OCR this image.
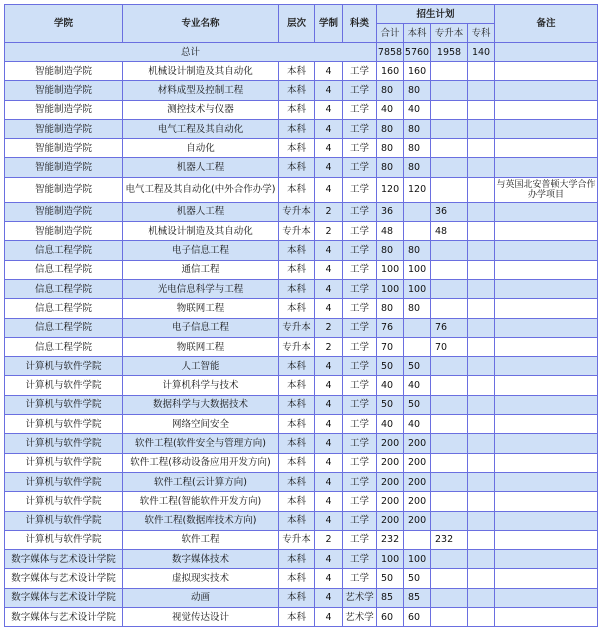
学院	专业名称	层次	学制	科类	招生计划				备注
					合计	本科	专升本	专科	
总计					7858	5760	1958	140	
智能制造学院	机械设计制造及其自动化	本科	4	工学	160	160			
智能制造学院	材料成型及控制工程	本科	4	工学	80	80			
智能制造学院	测控技术与仪器	本科	4	工学	40	40			
智能制造学院	电气工程及其自动化	本科	4	工学	80	80			
智能制造学院	自动化	本科	4	工学	80	80			
智能制造学院	机器人工程	本科	4	工学	80	80			
智能制造学院	电气工程及其自动化(中外合作办学)	本科	4	工学	120	120			与英国北安普顿大学合作办学项目
智能制造学院	机器人工程	专升本	2	工学	36		36		
智能制造学院	机械设计制造及其自动化	专升本	2	工学	48		48		
信息工程学院	电子信息工程	本科	4	工学	80	80			
信息工程学院	通信工程	本科	4	工学	100	100			
信息工程学院	光电信息科学与工程	本科	4	工学	100	100			
信息工程学院	物联网工程	本科	4	工学	80	80			
信息工程学院	电子信息工程	专升本	2	工学	76		76		
信息工程学院	物联网工程	专升本	2	工学	70		70		
计算机与软件学院	人工智能	本科	4	工学	50	50			
计算机与软件学院	计算机科学与技术	本科	4	工学	40	40			
计算机与软件学院	数据科学与大数据技术	本科	4	工学	50	50			
计算机与软件学院	网络空间安全	本科	4	工学	40	40			
计算机与软件学院	软件工程(软件安全与管理方向)	本科	4	工学	200	200			
计算机与软件学院	软件工程(移动设备应用开发方向)	本科	4	工学	200	200			
计算机与软件学院	软件工程(云计算方向)	本科	4	工学	200	200			
计算机与软件学院	软件工程(智能软件开发方向)	本科	4	工学	200	200			
计算机与软件学院	软件工程(数据库技术方向)	本科	4	工学	200	200			
计算机与软件学院	软件工程	专升本	2	工学	232		232		
数字媒体与艺术设计学院	数字媒体技术	本科	4	工学	100	100			
数字媒体与艺术设计学院	虚拟现实技术	本科	4	工学	50	50			
数字媒体与艺术设计学院	动画	本科	4	艺术学	85	85			
数字媒体与艺术设计学院	视觉传达设计	本科	4	艺术学	60	60			
